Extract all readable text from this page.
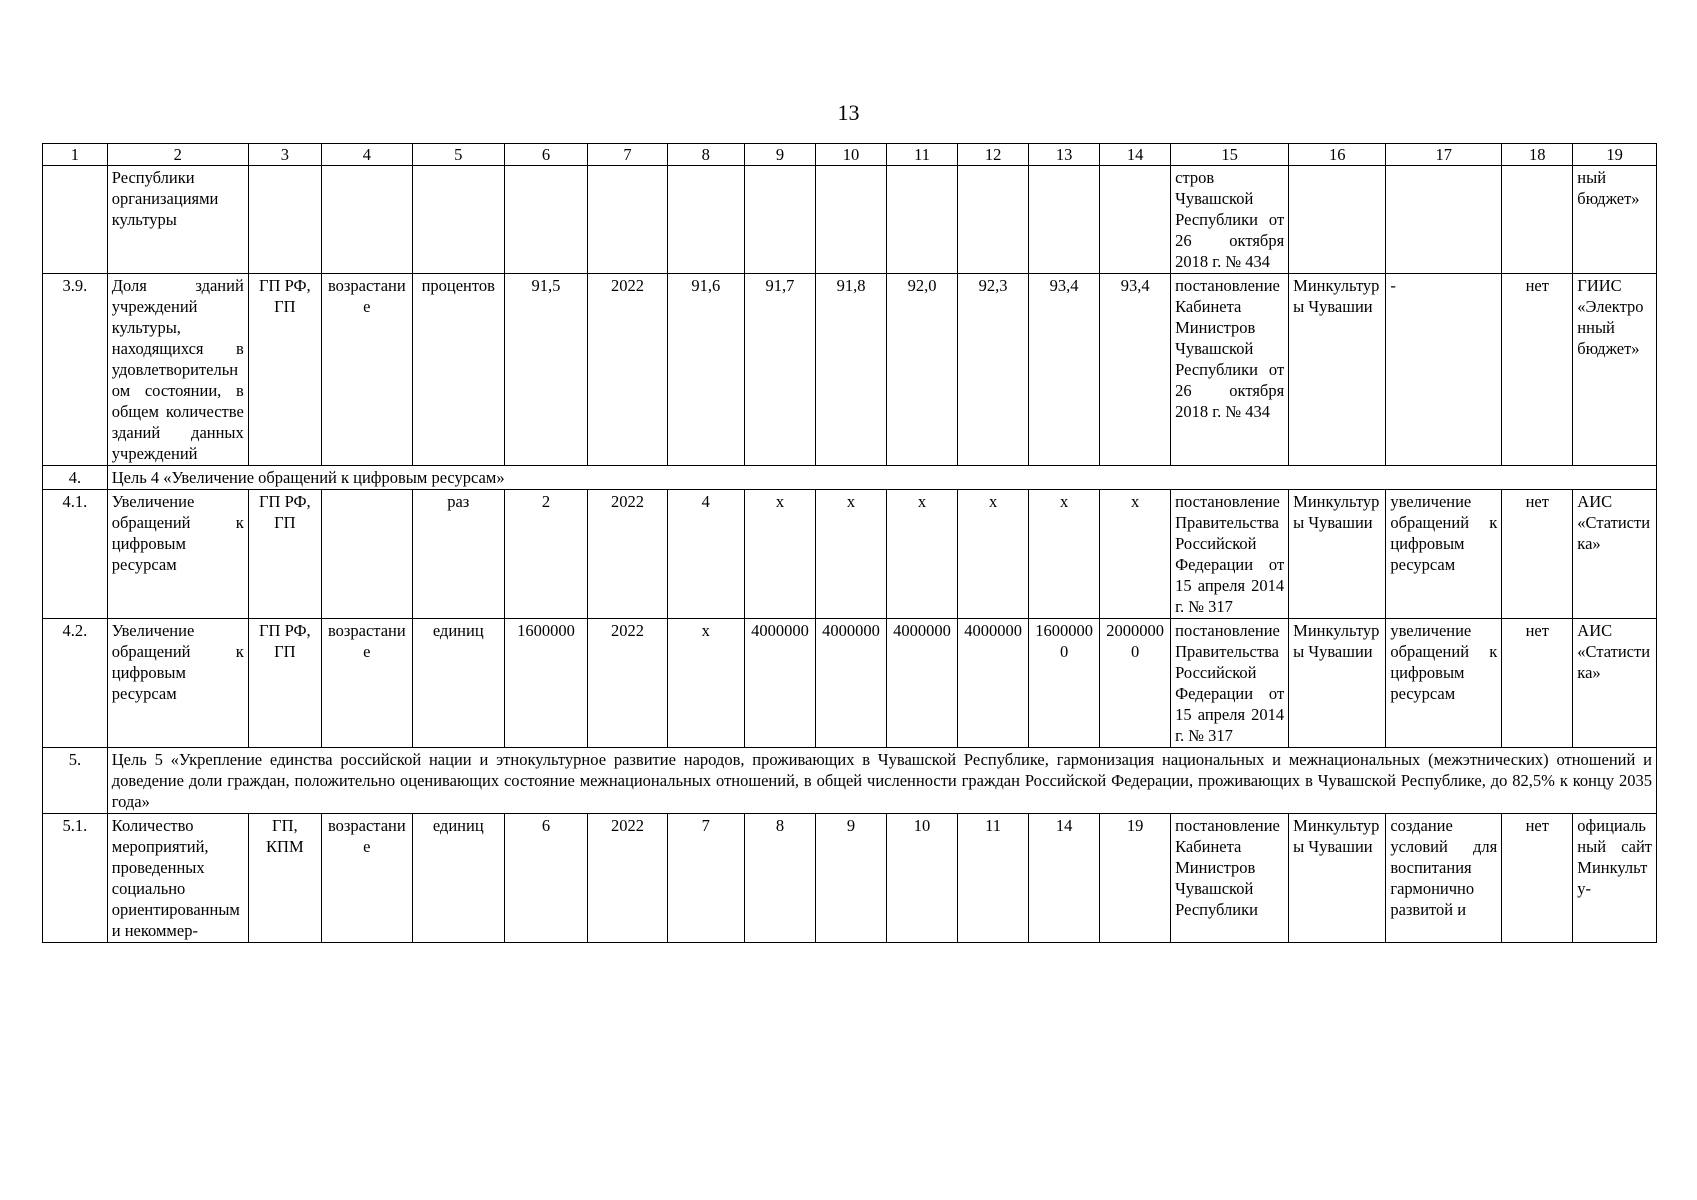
13
1	2	3	4	5	6	7	8	9	10	11	12	13	14	15	16	17	18	19
	Республики организациями культуры													стров Чувашской Республики от 26 октября 2018 г. № 434				ный бюджет»
3.9.	Доля зданий учреждений культуры, находящихся в удовлетворительном состоянии, в общем количестве зданий данных учреждений	ГП РФ, ГП	возрастание	процентов	91,5	2022	91,6	91,7	91,8	92,0	92,3	93,4	93,4	постановление Кабинета Министров Чувашской Республики от 26 октября 2018 г. № 434	Минкультуры Чувашии	-	нет	ГИИС «Электронный бюджет»
4.	Цель 4 «Увеличение обращений к цифровым ресурсам»																	
4.1.	Увеличение обращений к цифровым ресурсам	ГП РФ, ГП		раз	2	2022	4	х	х	х	х	х	х	постановление Правительства Российской Федерации от 15 апреля 2014 г. № 317	Минкультуры Чувашии	увеличение обращений к цифровым ресурсам	нет	АИС «Статистика»
4.2.	Увеличение обращений к цифровым ресурсам	ГП РФ, ГП	возрастание	единиц	1600000	2022	х	4000000	4000000	4000000	4000000	16000000	20000000	постановление Правительства Российской Федерации от 15 апреля 2014 г. № 317	Минкультуры Чувашии	увеличение обращений к цифровым ресурсам	нет	АИС «Статистика»
5.	Цель 5 «Укрепление единства российской нации и этнокультурное развитие народов, проживающих в Чувашской Республике, гармонизация национальных и межнациональных (межэтнических) отношений и доведение доли граждан, положительно оценивающих состояние межнациональных отношений, в общей численности граждан Российской Федерации, проживающих в Чувашской Республике, до 82,5% к концу 2035 года»																	
5.1.	Количество мероприятий, проведенных социально ориентированными некоммер-	ГП, КПМ	возрастание	единиц	6	2022	7	8	9	10	11	14	19	постановление Кабинета Министров Чувашской Республики	Минкультуры Чувашии	создание условий для воспитания гармонично развитой и	нет	официальный сайт Минкульту-
